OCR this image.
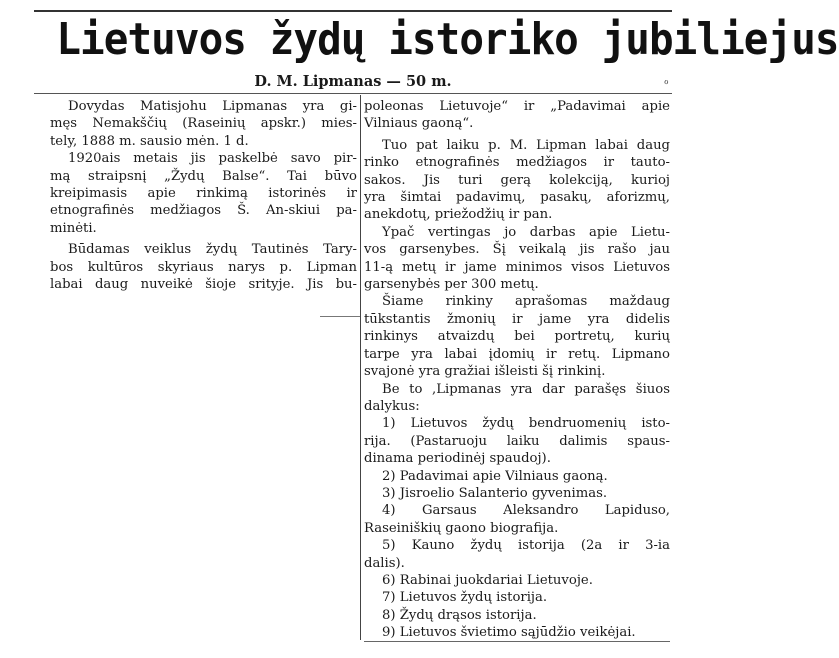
Lietuvos žydų istoriko jubiliejus
D. M. Lipmanas — 50 m.	ℴ
Dovydas Matisjohu Lipmanas yra gi-
męs Nemakščių (Raseinių apskr.) mies-
tely, 1888 m. sausio mėn. 1 d.
1920ais metais jis paskelbė savo pir-
mą straipsnį „Žydų Balse“. Tai būvo
kreipimasis apie rinkimą istorinės ir
etnografinės medžiagos Š. An-skiui pa-
minėti.
Būdamas veiklus žydų Tautinės Tary-
bos kultūros skyriaus narys p. Lipman
labai daug nuveikė šioje srityje. Jis bu-
poleonas Lietuvoje“ ir „Padavimai apie
Vilniaus gaoną“.
Tuo pat laiku p. M. Lipman labai daug
rinko etnografinės medžiagos ir tauto-
sakos. Jis turi gerą kolekciją, kurioj
yra šimtai padavimų, pasakų, aforizmų,
anekdotų, priežodžių ir pan.
Ypač vertingas jo darbas apie Lietu-
vos garsenybes. Šį veikalą jis rašo jau
11-ą metų ir jame minimos visos Lietuvos
garsenybės per 300 metų.
Šiame rinkiny aprašomas maždaug
tūkstantis žmonių ir jame yra didelis
rinkinys atvaizdų bei portretų, kurių
tarpe yra labai įdomių ir retų. Lipmano
svajonė yra gražiai išleisti šį rinkinį.
Be to ,Lipmanas yra dar parašęs šiuos
dalykus:
1) Lietuvos žydų bendruomenių isto-
rija. (Pastaruoju laiku dalimis spaus-
dinama periodinėj spaudoj).
2) Padavimai apie Vilniaus gaoną.
3) Jisroelio Salanterio gyvenimas.
4) Garsaus Aleksandro Lapiduso,
Raseiniškių gaono biografija.
5) Kauno žydų istorija (2a ir 3-ia
dalis).
6) Rabinai juokdariai Lietuvoje.
7) Lietuvos žydų istorija.
8) Žydų drąsos istorija.
9) Lietuvos švietimo sąjūdžio veikėjai.
